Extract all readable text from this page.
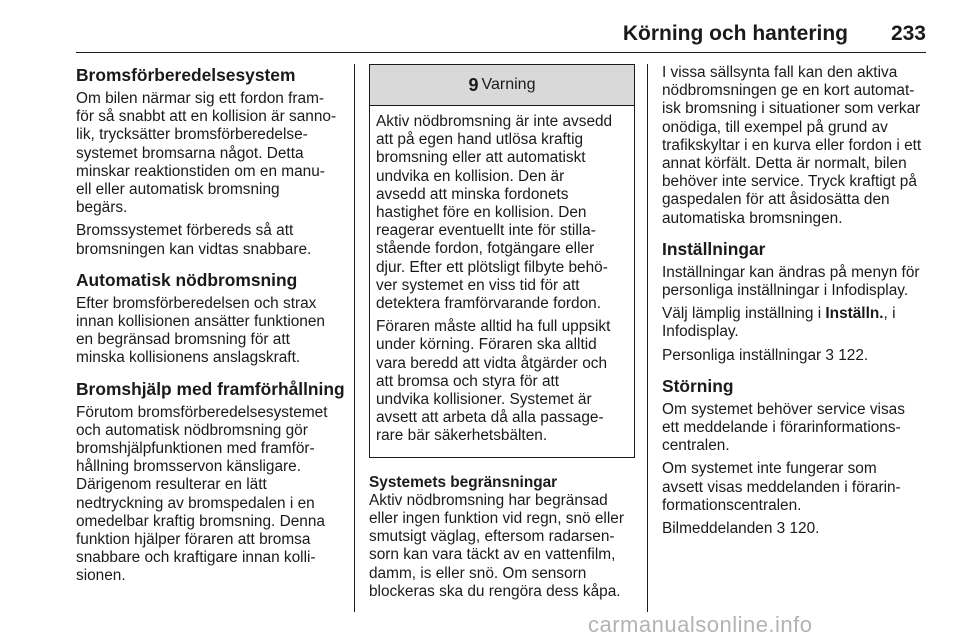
Körning och hantering 233
Bromsförberedelsesystem

Om bilen närmar sig ett fordon fram-
för så snabbt att en kollision är sanno-
lik, trycksätter bromsförberedelse-
systemet bromsarna något. Detta
minskar reaktionstiden om en manu-
ell eller automatisk bromsning
begärs.

Bromssystemet förbereds så att
bromsningen kan vidtas snabbare.

Automatisk nödbromsning

Efter bromsförberedelsen och strax
innan kollisionen ansätter funktionen
en begränsad bromsning för att
minska kollisionens anslagskraft.

Bromshjälp med framförhållning

Förutom bromsförberedelsesystemet
och automatisk nödbromsning gör
bromshjälpfunktionen med framför-
hållning bromsservon känsligare.
Därigenom resulterar en lätt
nedtryckning av bromspedalen i en
omedelbar kraftig bromsning. Denna
funktion hjälper föraren att bromsa
snabbare och kraftigare innan kolli-
sionen.

9 Varning

Aktiv nödbromsning är inte avsedd
att på egen hand utlösa kraftig
bromsning eller att automatiskt
undvika en kollision. Den är
avsedd att minska fordonets
hastighet före en kollision. Den
reagerar eventuellt inte för stilla-
stående fordon, fotgängare eller
djur. Efter ett plötsligt filbyte behö-
ver systemet en viss tid för att
detektera framförvarande fordon.

Föraren måste alltid ha full uppsikt
under körning. Föraren ska alltid
vara beredd att vidta åtgärder och
att bromsa och styra för att
undvika kollisioner. Systemet är
avsett att arbeta då alla passage-
rare bär säkerhetsbälten.

Systemets begränsningar

Aktiv nödbromsning har begränsad
eller ingen funktion vid regn, snö eller
smutsigt väglag, eftersom radarsen-
sorn kan vara täckt av en vattenfilm,
damm, is eller snö. Om sensorn
blockeras ska du rengöra dess kåpa.

I vissa sällsynta fall kan den aktiva
nödbromsningen ge en kort automat-
isk bromsning i situationer som verkar
onödiga, till exempel på grund av
trafikskyltar i en kurva eller fordon i ett
annat körfält. Detta är normalt, bilen
behöver inte service. Tryck kraftigt på
gaspedalen för att åsidosätta den
automatiska bromsningen.

Inställningar

Inställningar kan ändras på menyn för
personliga inställningar i Infodisplay.

Välj lämplig inställning i Inställn., i
Infodisplay.

Personliga inställningar 3 122.

Störning

Om systemet behöver service visas
ett meddelande i förarinformations-
centralen.

Om systemet inte fungerar som
avsett visas meddelanden i förarin-
formationscentralen.

Bilmeddelanden 3 120.

carmanualsonline.info
